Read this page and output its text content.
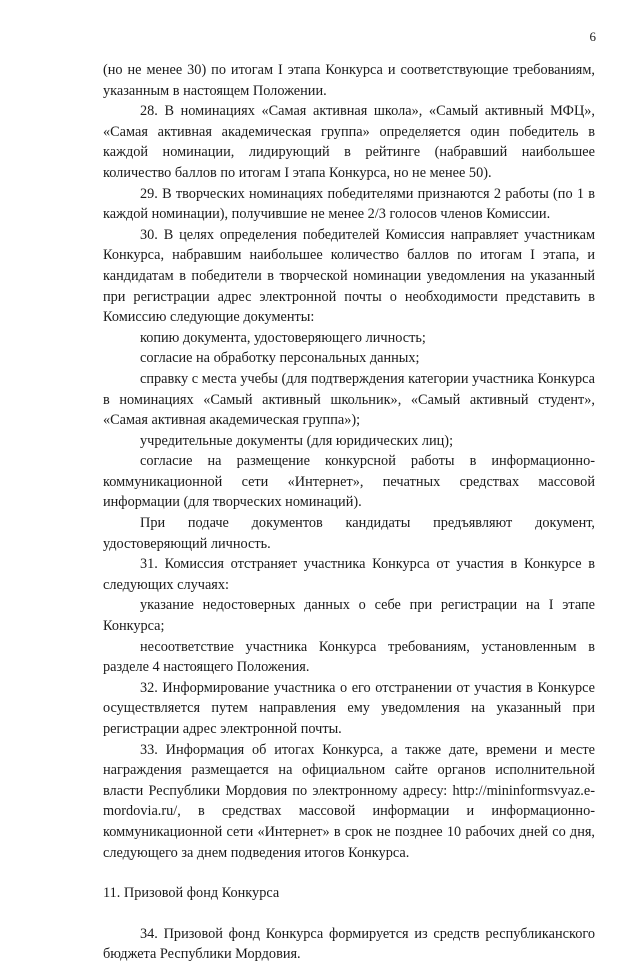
6

(но не менее 30) по итогам I этапа Конкурса и соответствующие требованиям, указанным в настоящем Положении.

28. В номинациях «Самая активная школа», «Самый активный МФЦ», «Самая активная академическая группа» определяется один победитель в каждой номинации, лидирующий в рейтинге (набравший наибольшее количество баллов по итогам I этапа Конкурса, но не менее 50).

29. В творческих номинациях победителями признаются 2 работы (по 1 в каждой номинации), получившие не менее 2/3 голосов членов Комиссии.

30. В целях определения победителей Комиссия направляет участникам Конкурса, набравшим наибольшее количество баллов по итогам I этапа, и кандидатам в победители в творческой номинации уведомления на указанный при регистрации адрес электронной почты о необходимости представить в Комиссию следующие документы:

копию документа, удостоверяющего личность;

согласие на обработку персональных данных;

справку с места учебы (для подтверждения категории участника Конкурса в номинациях «Самый активный школьник», «Самый активный студент», «Самая активная академическая группа»);

учредительные документы (для юридических лиц);

согласие на размещение конкурсной работы в информационно-коммуникационной сети «Интернет», печатных средствах массовой информации (для творческих номинаций).

При подаче документов кандидаты предъявляют документ, удостоверяющий личность.

31. Комиссия отстраняет участника Конкурса от участия в Конкурсе в следующих случаях:

указание недостоверных данных о себе при регистрации на I этапе Конкурса;

несоответствие участника Конкурса требованиям, установленным в разделе 4 настоящего Положения.

32. Информирование участника о его отстранении от участия в Конкурсе осуществляется путем направления ему уведомления на указанный при регистрации адрес электронной почты.

33. Информация об итогах Конкурса, а также дате, времени и месте награждения размещается на официальном сайте органов исполнительной власти Республики Мордовия по электронному адресу: http://mininformsvyaz.e-mordovia.ru/, в средствах массовой информации и информационно-коммуникационной сети «Интернет» в срок не позднее 10 рабочих дней со дня, следующего за днем подведения итогов Конкурса.

11. Призовой фонд Конкурса

34. Призовой фонд Конкурса формируется из средств республиканского бюджета Республики Мордовия.
